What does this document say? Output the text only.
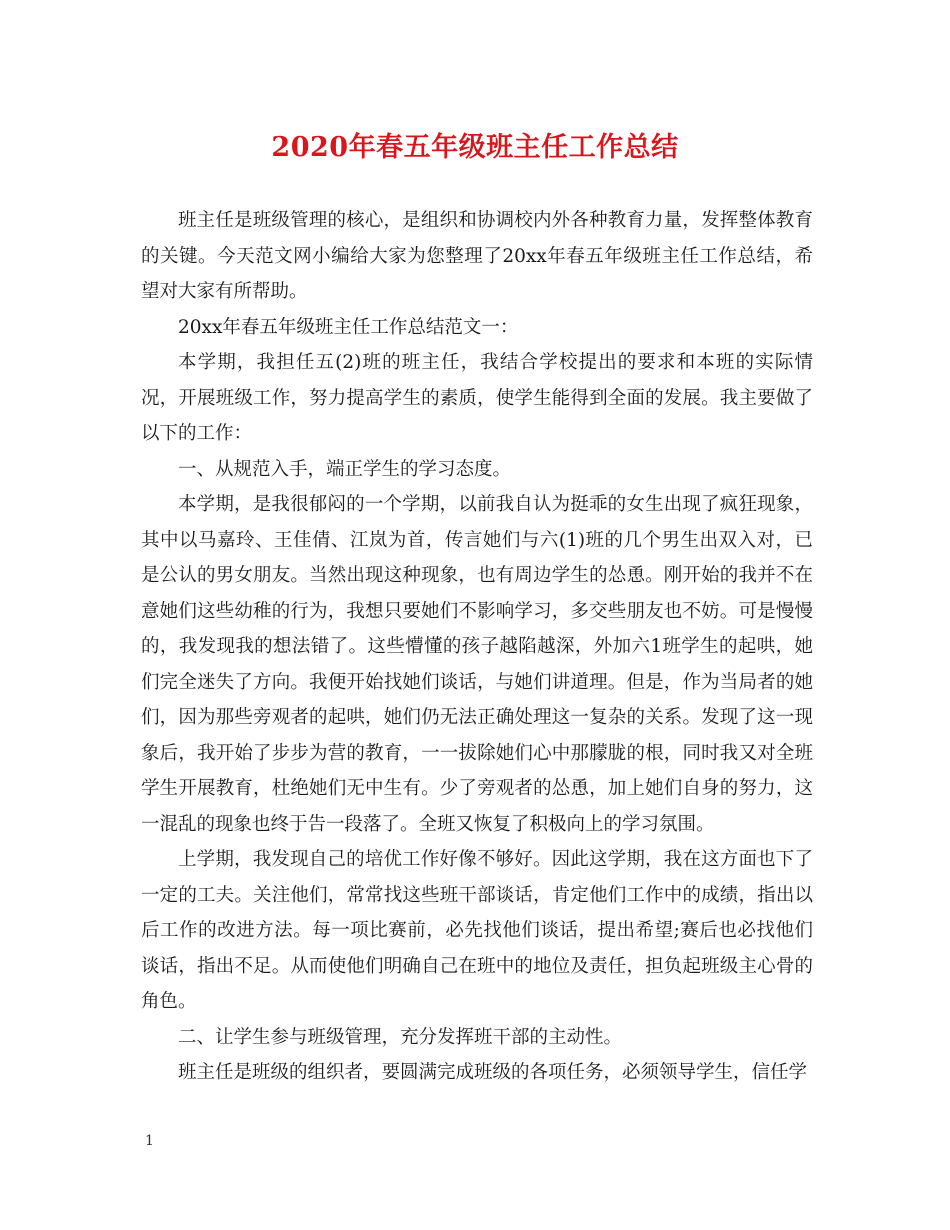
2020年春五年级班主任工作总结

班主任是班级管理的核心，是组织和协调校内外各种教育力量，发挥整体教育的关键。今天范文网小编给大家为您整理了20xx年春五年级班主任工作总结，希望对大家有所帮助。

20xx年春五年级班主任工作总结范文一：

本学期，我担任五(2)班的班主任，我结合学校提出的要求和本班的实际情况，开展班级工作，努力提高学生的素质，使学生能得到全面的发展。我主要做了以下的工作：

一、从规范入手，端正学生的学习态度。

本学期，是我很郁闷的一个学期，以前我自认为挺乖的女生出现了疯狂现象，其中以马嘉玲、王佳倩、江岚为首，传言她们与六(1)班的几个男生出双入对，已是公认的男女朋友。当然出现这种现象，也有周边学生的怂恿。刚开始的我并不在意她们这些幼稚的行为，我想只要她们不影响学习，多交些朋友也不妨。可是慢慢的，我发现我的想法错了。这些懵懂的孩子越陷越深，外加六1班学生的起哄，她们完全迷失了方向。我便开始找她们谈话，与她们讲道理。但是，作为当局者的她们，因为那些旁观者的起哄，她们仍无法正确处理这一复杂的关系。发现了这一现象后，我开始了步步为营的教育，一一拔除她们心中那朦胧的根，同时我又对全班学生开展教育，杜绝她们无中生有。少了旁观者的怂恿，加上她们自身的努力，这一混乱的现象也终于告一段落了。全班又恢复了积极向上的学习氛围。

上学期，我发现自己的培优工作好像不够好。因此这学期，我在这方面也下了一定的工夫。关注他们，常常找这些班干部谈话，肯定他们工作中的成绩，指出以后工作的改进方法。每一项比赛前，必先找他们谈话，提出希望;赛后也必找他们谈话，指出不足。从而使他们明确自己在班中的地位及责任，担负起班级主心骨的角色。

二、让学生参与班级管理，充分发挥班干部的主动性。

班主任是班级的组织者，要圆满完成班级的各项任务，必须领导学生，信任学

1
